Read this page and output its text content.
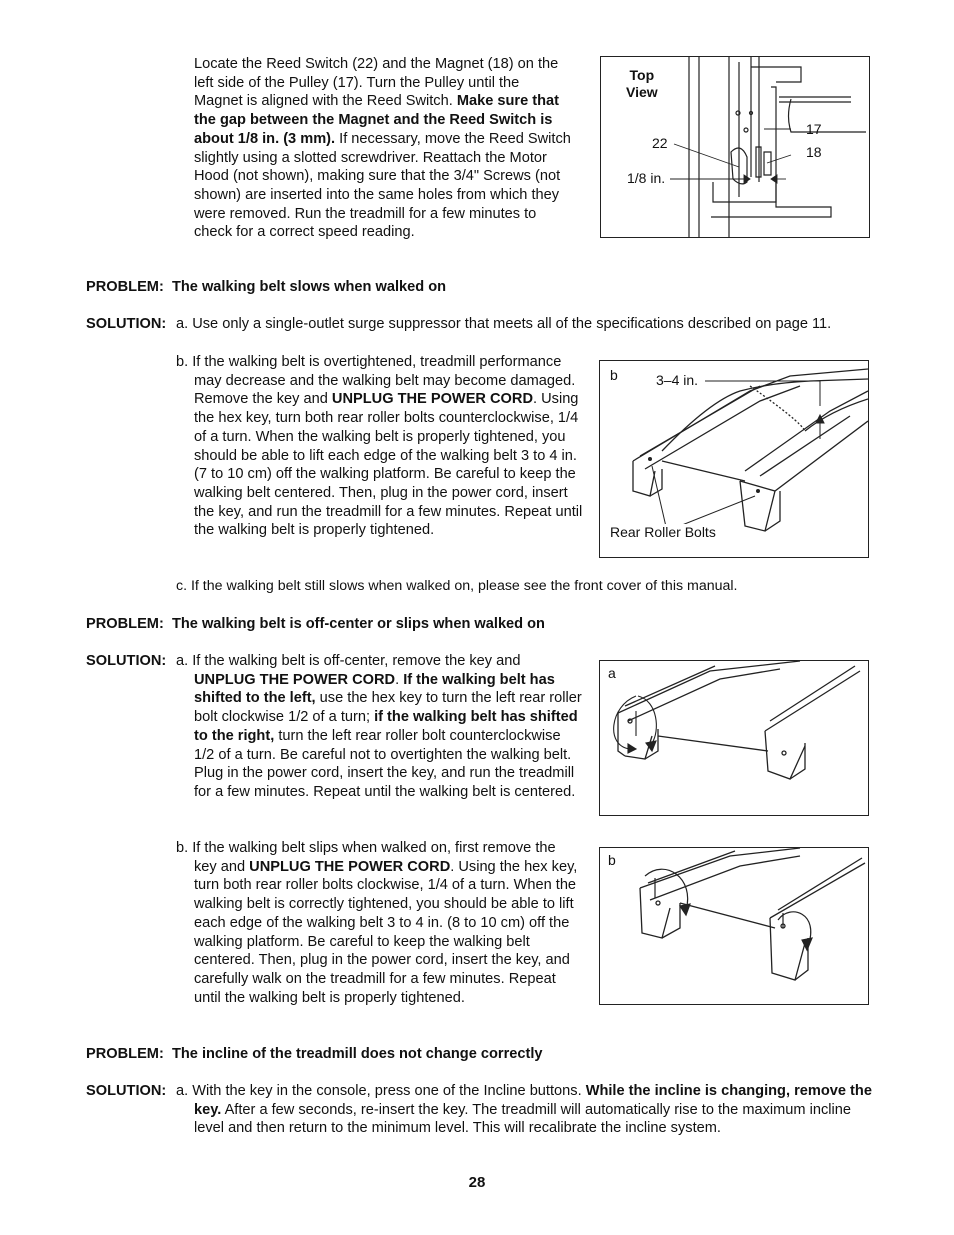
Locate the Reed Switch (22) and the Magnet (18) on the left side of the Pulley (17). Turn the Pulley until the Magnet is aligned with the Reed Switch. Make sure that the gap between the Magnet and the Reed Switch is about 1/8 in. (3 mm). If necessary, move the Reed Switch slightly using a slotted screwdriver. Reattach the Motor Hood (not shown), making sure that the 3/4" Screws (not shown) are inserted into the same holes from which they were removed. Run the treadmill for a few minutes to check for a correct speed reading.
Top
View
22
17
18
1/8 in.
PROBLEM: The walking belt slows when walked on
SOLUTION: a. Use only a single-outlet surge suppressor that meets all of the specifications described on page 11.
b. If the walking belt is overtightened, treadmill performance may decrease and the walking belt may become damaged. Remove the key and UNPLUG THE POWER CORD. Using the hex key, turn both rear roller bolts counterclockwise, 1/4 of a turn. When the walking belt is properly tightened, you should be able to lift each edge of the walking belt 3 to 4 in. (7 to 10 cm) off the walking platform. Be careful to keep the walking belt centered. Then, plug in the power cord, insert the key, and run the treadmill for a few minutes. Repeat until the walking belt is properly tightened.
b	3–4 in.
Rear Roller Bolts
c. If the walking belt still slows when walked on, please see the front cover of this manual.
PROBLEM: The walking belt is off-center or slips when walked on
SOLUTION: a. If the walking belt is off-center, remove the key and UNPLUG THE POWER CORD. If the walking belt has shifted to the left, use the hex key to turn the left rear roller bolt clockwise 1/2 of a turn; if the walking belt has shifted to the right, turn the left rear roller bolt counterclockwise 1/2 of a turn. Be careful not to overtighten the walking belt. Plug in the power cord, insert the key, and run the treadmill for a few minutes. Repeat until the walking belt is centered.
a
b. If the walking belt slips when walked on, first remove the key and UNPLUG THE POWER CORD. Using the hex key, turn both rear roller bolts clockwise, 1/4 of a turn. When the walking belt is correctly tightened, you should be able to lift each edge of the walking belt 3 to 4 in. (8 to 10 cm) off the walking platform. Be careful to keep the walking belt centered. Then, plug in the power cord, insert the key, and carefully walk on the treadmill for a few minutes. Repeat until the walking belt is properly tightened.
b
PROBLEM: The incline of the treadmill does not change correctly
SOLUTION: a. With the key in the console, press one of the Incline buttons. While the incline is changing, remove the key. After a few seconds, re-insert the key. The treadmill will automatically rise to the maximum incline level and then return to the minimum level. This will recalibrate the incline system.
28
